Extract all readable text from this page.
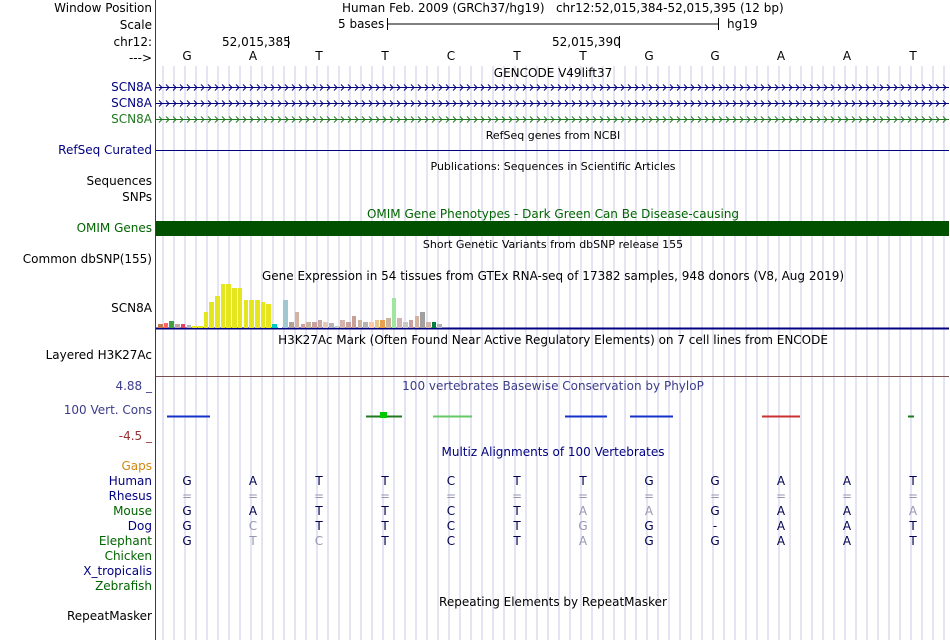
Window Position	Human Feb. 2009 (GRCh37/hg19)   chr12:52,015,384-52,015,395 (12 bp)
Scale	5 bases	hg19
chr12:	52,015,385	52,015,390
--->	G	A	T	T	C	T	T	G	G	A	A	T
GENCODE V49lift37
SCN8A
SCN8A
SCN8A
RefSeq genes from NCBI
RefSeq Curated
Publications: Sequences in Scientific Articles
Sequences
SNPs
OMIM Gene Phenotypes - Dark Green Can Be Disease-causing
OMIM Genes
Short Genetic Variants from dbSNP release 155
Common dbSNP(155)
Gene Expression in 54 tissues from GTEx RNA-seq of 17382 samples, 948 donors (V8, Aug 2019)
SCN8A
H3K27Ac Mark (Often Found Near Active Regulatory Elements) on 7 cell lines from ENCODE
Layered H3K27Ac
100 vertebrates Basewise Conservation by PhyloP
4.88 _
100 Vert. Cons
-4.5 _
Multiz Alignments of 100 Vertebrates
Gaps
Human	G	A	T	T	C	T	T	G	G	A	A	T
Rhesus =	=	=	=	=	=	=	=	=	=	=	=
Mouse	G	A	T	T	C	T	A	A	G	A	A	A
Dog	G	C	T	T	C	T	G	G	-	A	A	T
Elephant	G	T	C	T	C	T	A	G	G	A	A	T
Chicken
X_tropicalis
Zebrafish
Repeating Elements by RepeatMasker
RepeatMasker
